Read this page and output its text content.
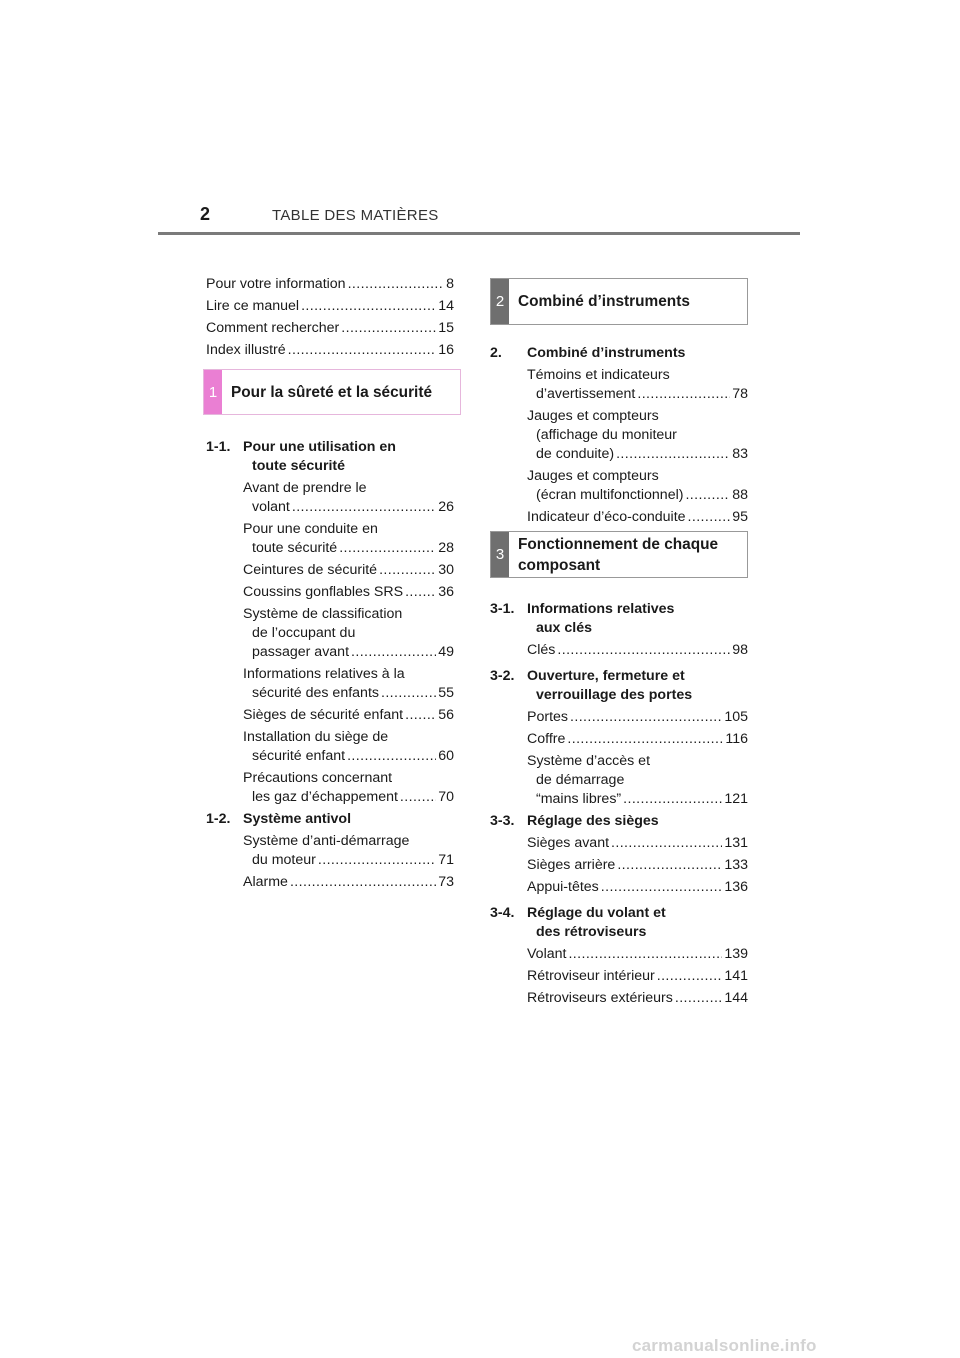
2	TABLE DES MATIÈRES
Pour votre information .....	8
Lire ce manuel .....	14
Comment rechercher .....	15
Index illustré .....	16
1 Pour la sûreté et la sécurité
1-1. Pour une utilisation en
toute sécurité
Avant de prendre le
volant .....	26
Pour une conduite en
toute sécurité .....	28
Ceintures de sécurité .....	30
Coussins gonflables SRS ..... 36
Système de classification
de l’occupant du
passager avant .....	49
Informations relatives à la
sécurité des enfants .....	55
Sièges de sécurité enfant ..... 56
Installation du siège de
sécurité enfant .....	60
Précautions concernant
les gaz d’échappement .....	70
1-2. Système antivol
Système d’anti-démarrage
du moteur .....	71
Alarme .....	73
2 Combiné d’instruments
2.	Combiné d’instruments
Témoins et indicateurs
d’avertissement .....	78
Jauges et compteurs
(affichage du moniteur
de conduite) .....	83
Jauges et compteurs
(écran multifonctionnel) .....	88
Indicateur d’éco-conduite .....	95
3
Fonctionnement de chaque
composant
3-1. Informations relatives
aux clés
Clés .....	98
3-2. Ouverture, fermeture et
verrouillage des portes
Portes .....	105
Coffre .....	116
Système d’accès et
de démarrage
“mains libres” .....	121
3-3. Réglage des sièges
Sièges avant .....	131
Sièges arrière .....	133
Appui-têtes .....	136
3-4. Réglage du volant et
des rétroviseurs
Volant .....	139
Rétroviseur intérieur .....	141
Rétroviseurs extérieurs .....	144
carmanualsonline.info
